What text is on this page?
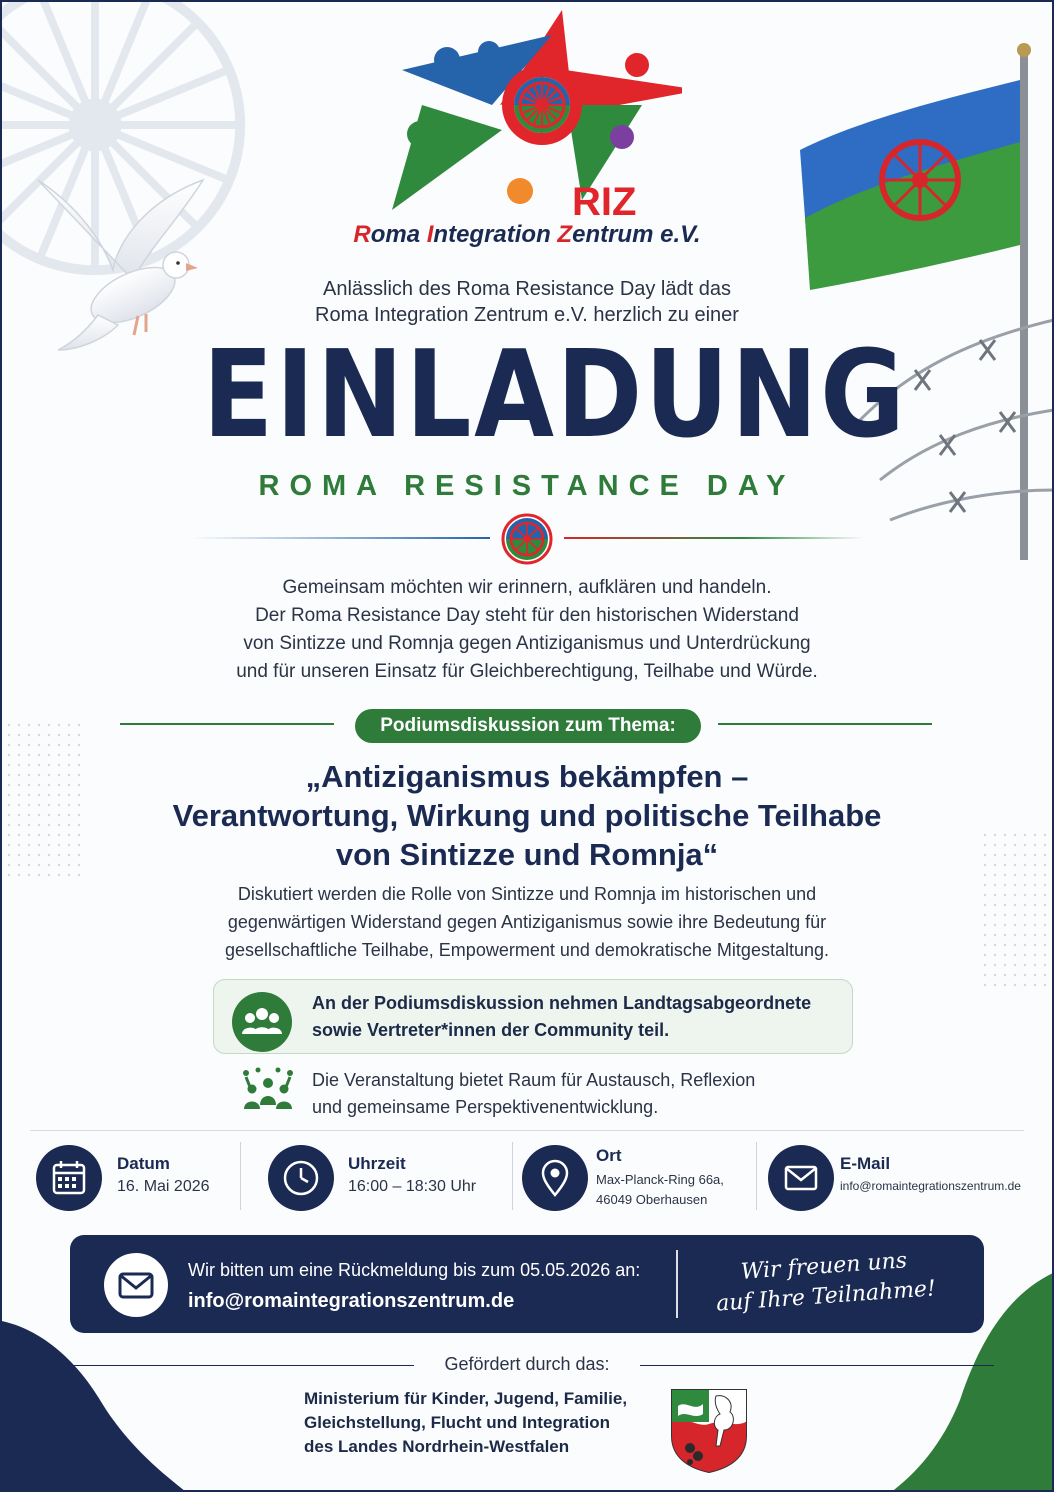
RIZ
Roma Integration Zentrum e.V.
Anlässlich des Roma Resistance Day lädt das
Roma Integration Zentrum e.V. herzlich zu einer
EINLADUNG
ROMA RESISTANCE DAY
Gemeinsam möchten wir erinnern, aufklären und handeln.
Der Roma Resistance Day steht für den historischen Widerstand
von Sintizze und Romnja gegen Antiziganismus und Unterdrückung
und für unseren Einsatz für Gleichberechtigung, Teilhabe und Würde.
Podiumsdiskussion zum Thema:
„Antiziganismus bekämpfen –
Verantwortung, Wirkung und politische Teilhabe
von Sintizze und Romnja“
Diskutiert werden die Rolle von Sintizze und Romnja im historischen und
gegenwärtigen Widerstand gegen Antiziganismus sowie ihre Bedeutung für
gesellschaftliche Teilhabe, Empowerment und demokratische Mitgestaltung.
An der Podiumsdiskussion nehmen Landtagsabgeordnete
sowie Vertreter*innen der Community teil.
Die Veranstaltung bietet Raum für Austausch, Reflexion
und gemeinsame Perspektivenentwicklung.
Datum
16. Mai 2026
Uhrzeit
16:00 – 18:30 Uhr
Ort
Max-Planck-Ring 66a,
46049 Oberhausen
E-Mail
info@romaintegrationszentrum.de
Wir bitten um eine Rückmeldung bis zum 05.05.2026 an:
info@romaintegrationszentrum.de
Wir freuen uns
auf Ihre Teilnahme!
Gefördert durch das:
Ministerium für Kinder, Jugend, Familie,
Gleichstellung, Flucht und Integration
des Landes Nordrhein-Westfalen
